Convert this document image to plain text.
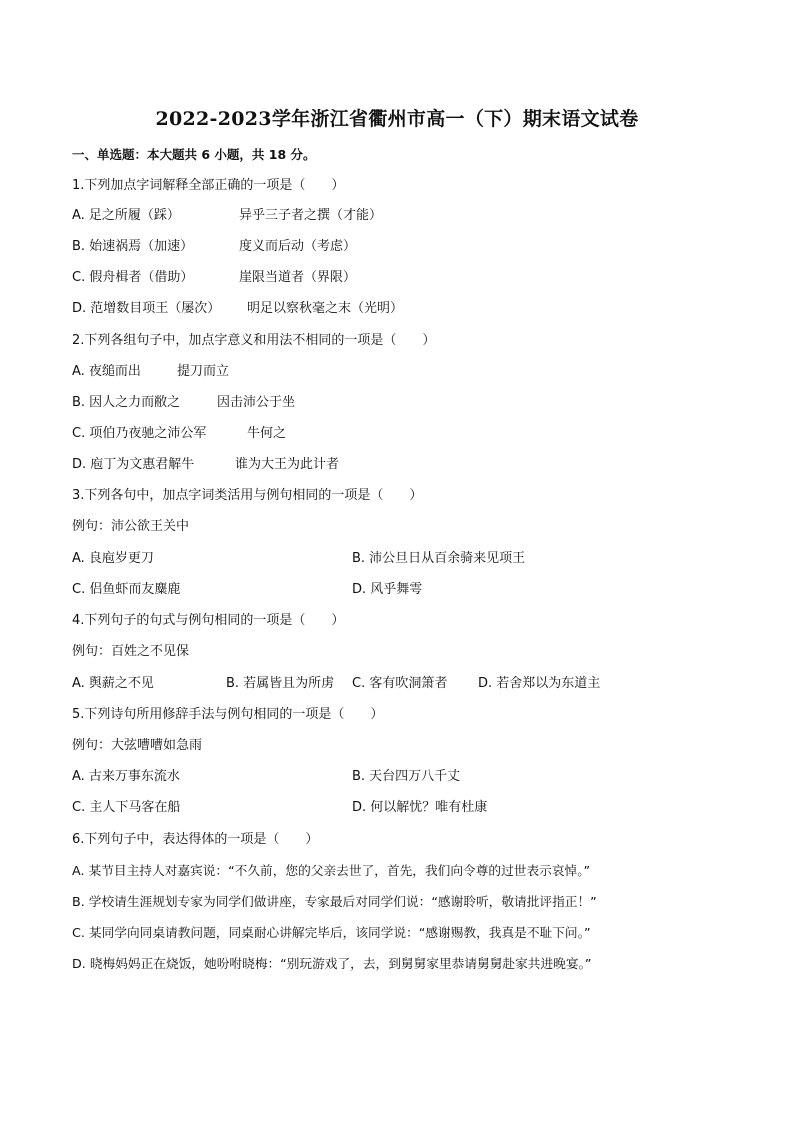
2022-2023学年浙江省衢州市高一（下）期末语文试卷
一、单选题：本大题共 6 小题，共 18 分。
1.下列加点字词解释全部正确的一项是（　　）
A. 足之所履（踩）	异乎三子者之撰（才能）
B. 始速祸焉（加速）	度义而后动（考虑）
C. 假舟楫者（借助）	崖限当道者（界限）
D. 范增数目项王（屡次） 明足以察秋毫之末（光明）
2.下列各组句子中，加点字意义和用法不相同的一项是（　　）
A. 夜缒而出	提刀而立
B. 因人之力而敝之	因击沛公于坐
C. 项伯乃夜驰之沛公军	牛何之
D. 庖丁为文惠君解牛	谁为大王为此计者
3.下列各句中，加点字词类活用与例句相同的一项是（　　）
例句：沛公欲王关中
A. 良庖岁更刀	B. 沛公旦日从百余骑来见项王
C. 侣鱼虾而友麋鹿	D. 风乎舞雩
4.下列句子的句式与例句相同的一项是（　　）
例句：百姓之不见保
A. 舆薪之不见	B. 若属皆且为所虏 C. 客有吹洞箫者 D. 若舍郑以为东道主
5.下列诗句所用修辞手法与例句相同的一项是（　　）
例句：大弦嘈嘈如急雨
A. 古来万事东流水	B. 天台四万八千丈
C. 主人下马客在船	D. 何以解忧？唯有杜康
6.下列句子中，表达得体的一项是（　　）
A. 某节目主持人对嘉宾说：“不久前，您的父亲去世了，首先，我们向令尊的过世表示哀悼。”
B. 学校请生涯规划专家为同学们做讲座，专家最后对同学们说：“感谢聆听，敬请批评指正！”
C. 某同学向同桌请教问题，同桌耐心讲解完毕后，该同学说：“感谢赐教，我真是不耻下问。”
D. 晓梅妈妈正在烧饭，她吩咐晓梅：“别玩游戏了，去，到舅舅家里恭请舅舅赴家共进晚宴。”
